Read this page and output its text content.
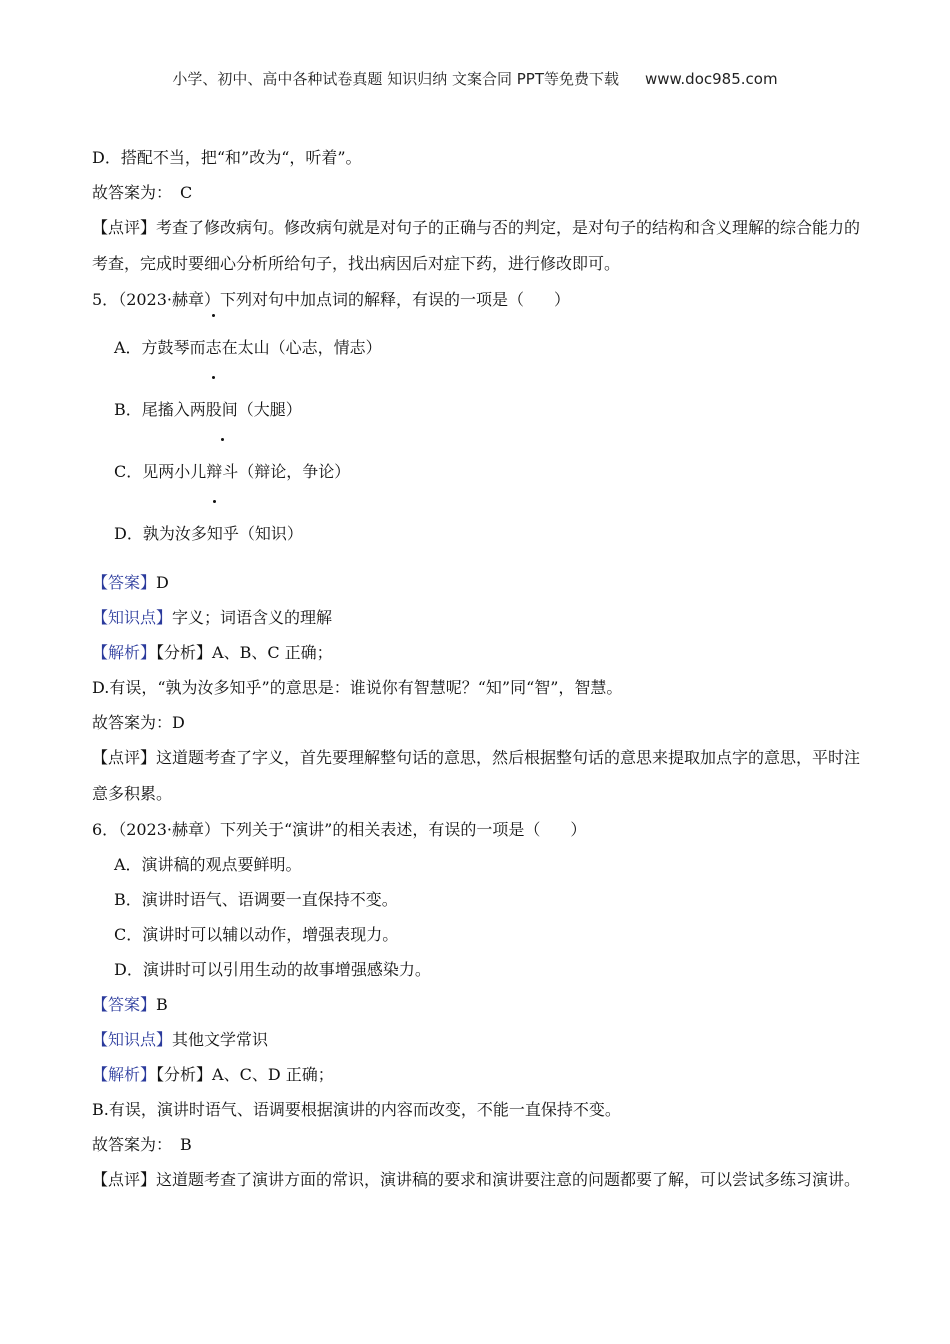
小学、初中、高中各种试卷真题 知识归纳 文案合同 PPT等免费下载 www.doc985.com
D．搭配不当，把“和”改为“，听着”。
故答案为： C
【点评】考查了修改病句。修改病句就是对句子的正确与否的判定，是对句子的结构和含义理解的综合能力的考查，完成时要细心分析所给句子，找出病因后对症下药，进行修改即可。
5．（2023·赫章）下列对句中加点词的解释，有误的一项是（ ）
A．方鼓琴而志在太山（心志，情志）
B．尾搐入两股间（大腿）
C．见两小儿辩斗（辩论，争论）
D．孰为汝多知乎（知识）
【答案】D
【知识点】字义；词语含义的理解
【解析】【分析】A、B、C 正确；
D.有误，“孰为汝多知乎”的意思是：谁说你有智慧呢？“知”同“智”，智慧。
故答案为：D
【点评】这道题考查了字义，首先要理解整句话的意思，然后根据整句话的意思来提取加点字的意思，平时注意多积累。
6．（2023·赫章）下列关于“演讲”的相关表述，有误的一项是（ ）
A．演讲稿的观点要鲜明。
B．演讲时语气、语调要一直保持不变。
C．演讲时可以辅以动作，增强表现力。
D．演讲时可以引用生动的故事增强感染力。
【答案】B
【知识点】其他文学常识
【解析】【分析】A、C、D 正确；
B.有误，演讲时语气、语调要根据演讲的内容而改变，不能一直保持不变。
故答案为： B
【点评】这道题考查了演讲方面的常识，演讲稿的要求和演讲要注意的问题都要了解，可以尝试多练习演讲。
